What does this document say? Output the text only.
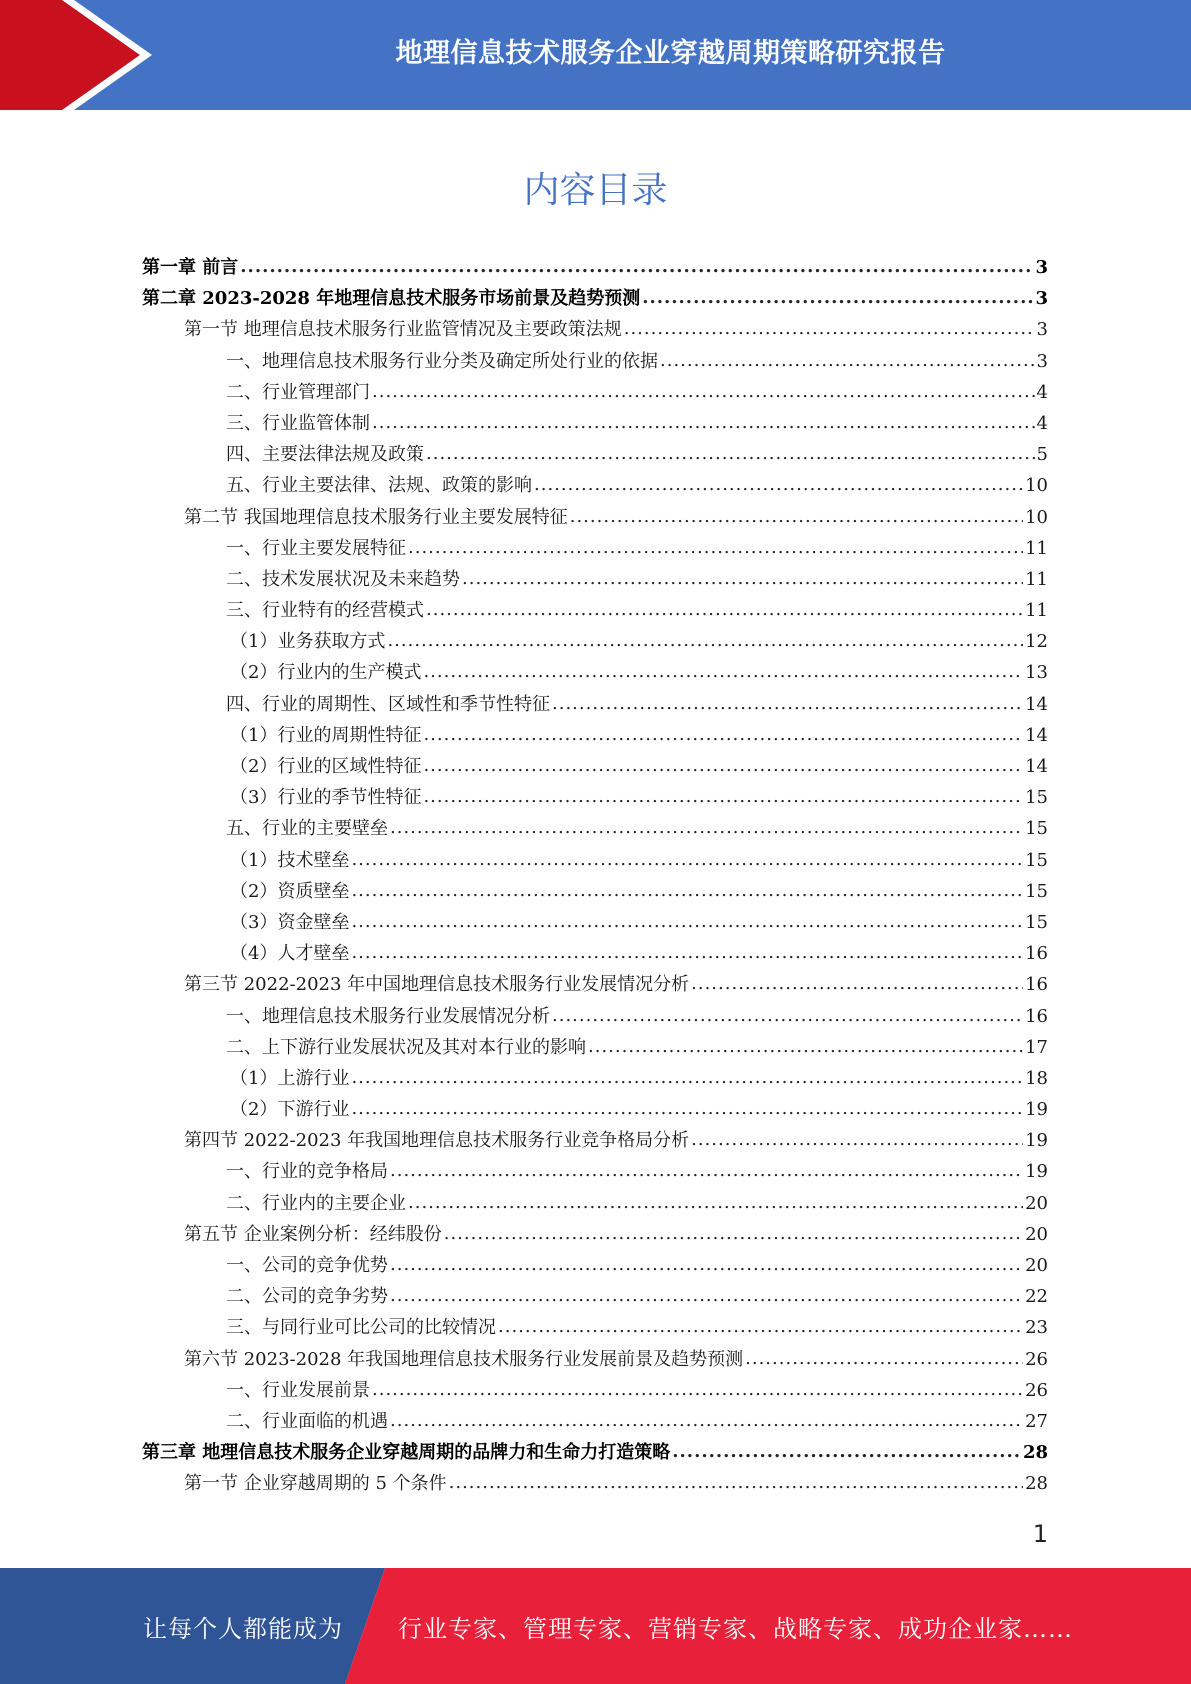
地理信息技术服务企业穿越周期策略研究报告
内容目录
第一章 前言 .....	3
第二章 2023-2028 年地理信息技术服务市场前景及趋势预测 .....	3
第一节 地理信息技术服务行业监管情况及主要政策法规 .....	3
一、地理信息技术服务行业分类及确定所处行业的依据 .....	3
二、行业管理部门 .....	4
三、行业监管体制 .....	4
四、主要法律法规及政策 .....	5
五、行业主要法律、法规、政策的影响 .....	10
第二节 我国地理信息技术服务行业主要发展特征 .....	10
一、行业主要发展特征 .....	11
二、技术发展状况及未来趋势 .....	11
三、行业特有的经营模式 .....	11
（1）业务获取方式 .....	12
（2）行业内的生产模式 .....	13
四、行业的周期性、区域性和季节性特征 .....	14
（1）行业的周期性特征 .....	14
（2）行业的区域性特征 .....	14
（3）行业的季节性特征 .....	15
五、行业的主要壁垒 .....	15
（1）技术壁垒 .....	15
（2）资质壁垒 .....	15
（3）资金壁垒 .....	15
（4）人才壁垒 .....	16
第三节 2022-2023 年中国地理信息技术服务行业发展情况分析 .....	16
一、地理信息技术服务行业发展情况分析 .....	16
二、上下游行业发展状况及其对本行业的影响 .....	17
（1）上游行业 .....	18
（2）下游行业 .....	19
第四节 2022-2023 年我国地理信息技术服务行业竞争格局分析 .....	19
一、行业的竞争格局 .....	19
二、行业内的主要企业 .....	20
第五节 企业案例分析：经纬股份 .....	20
一、公司的竞争优势 .....	20
二、公司的竞争劣势 .....	22
三、与同行业可比公司的比较情况 .....	23
第六节 2023-2028 年我国地理信息技术服务行业发展前景及趋势预测 .....	26
一、行业发展前景 .....	26
二、行业面临的机遇 .....	27
第三章 地理信息技术服务企业穿越周期的品牌力和生命力打造策略 .....	28
第一节 企业穿越周期的 5 个条件 .....	28
1
让每个人都能成为 行业专家、管理专家、营销专家、战略专家、成功企业家……
